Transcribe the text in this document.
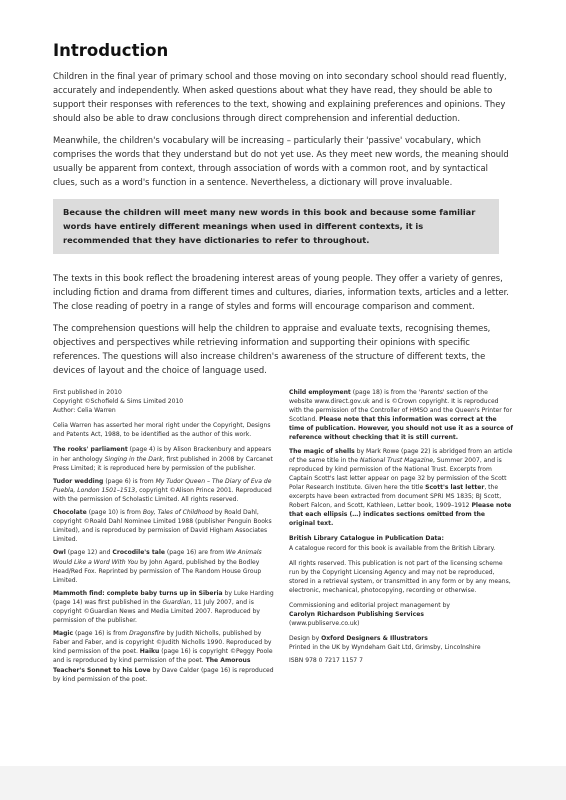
Introduction

Children in the final year of primary school and those moving on into secondary school should read fluently, accurately and independently. When asked questions about what they have read, they should be able to support their responses with references to the text, showing and explaining preferences and opinions. They should also be able to draw conclusions through direct comprehension and inferential deduction.

Meanwhile, the children's vocabulary will be increasing – particularly their 'passive' vocabulary, which comprises the words that they understand but do not yet use. As they meet new words, the meaning should usually be apparent from context, through association of words with a common root, and by syntactical clues, such as a word's function in a sentence. Nevertheless, a dictionary will prove invaluable.

Because the children will meet many new words in this book and because some familiar words have entirely different meanings when used in different contexts, it is recommended that they have dictionaries to refer to throughout.

The texts in this book reflect the broadening interest areas of young people. They offer a variety of genres, including fiction and drama from different times and cultures, diaries, information texts, articles and a letter. The close reading of poetry in a range of styles and forms will encourage comparison and comment.

The comprehension questions will help the children to appraise and evaluate texts, recognising themes, objectives and perspectives while retrieving information and supporting their opinions with specific references. The questions will also increase children's awareness of the structure of different texts, the devices of layout and the choice of language used.

First published in 2010
Copyright ©Schofield & Sims Limited 2010
Author: Celia Warren

Celia Warren has asserted her moral right under the Copyright, Designs and Patents Act, 1988, to be identified as the author of this work.

The rooks' parliament (page 4) is by Alison Brackenbury and appears in her anthology Singing in the Dark, first published in 2008 by Carcanet Press Limited; it is reproduced here by permission of the publisher.

Tudor wedding (page 6) is from My Tudor Queen – The Diary of Eva de Puebla, London 1501–1513, copyright ©Alison Prince 2001. Reproduced with the permission of Scholastic Limited. All rights reserved.

Chocolate (page 10) is from Boy, Tales of Childhood by Roald Dahl, copyright ©Roald Dahl Nominee Limited 1988 (publisher Penguin Books Limited), and is reproduced by permission of David Higham Associates Limited.

Owl (page 12) and Crocodile's tale (page 16) are from We Animals Would Like a Word With You by John Agard, published by the Bodley Head/Red Fox. Reprinted by permission of The Random House Group Limited.

Mammoth find: complete baby turns up in Siberia by Luke Harding (page 14) was first published in the Guardian, 11 July 2007, and is copyright ©Guardian News and Media Limited 2007. Reproduced by permission of the publisher.

Magic (page 16) is from Dragonsfire by Judith Nicholls, published by Faber and Faber, and is copyright ©Judith Nicholls 1990. Reproduced by kind permission of the poet. Haiku (page 16) is copyright ©Peggy Poole and is reproduced by kind permission of the poet. The Amorous Teacher's Sonnet to his Love by Dave Calder (page 16) is reproduced by kind permission of the poet.

Child employment (page 18) is from the 'Parents' section of the website www.direct.gov.uk and is ©Crown copyright. It is reproduced with the permission of the Controller of HMSO and the Queen's Printer for Scotland. Please note that this information was correct at the time of publication. However, you should not use it as a source of reference without checking that it is still current.

The magic of shells by Mark Rowe (page 22) is abridged from an article of the same title in the National Trust Magazine, Summer 2007, and is reproduced by kind permission of the National Trust. Excerpts from Captain Scott's last letter appear on page 32 by permission of the Scott Polar Research Institute. Given here the title Scott's last letter, the excerpts have been extracted from document SPRI MS 1835; BJ Scott, Robert Falcon, and Scott, Kathleen, Letter book, 1909–1912 Please note that each ellipsis (…) indicates sections omitted from the original text.

British Library Catalogue in Publication Data:
A catalogue record for this book is available from the British Library.

All rights reserved. This publication is not part of the licensing scheme run by the Copyright Licensing Agency and may not be reproduced, stored in a retrieval system, or transmitted in any form or by any means, electronic, mechanical, photocopying, recording or otherwise.

Commissioning and editorial project management by
Carolyn Richardson Publishing Services
(www.publiserve.co.uk)

Design by Oxford Designers & Illustrators
Printed in the UK by Wyndeham Gait Ltd, Grimsby, Lincolnshire

ISBN 978 0 7217 1157 7
